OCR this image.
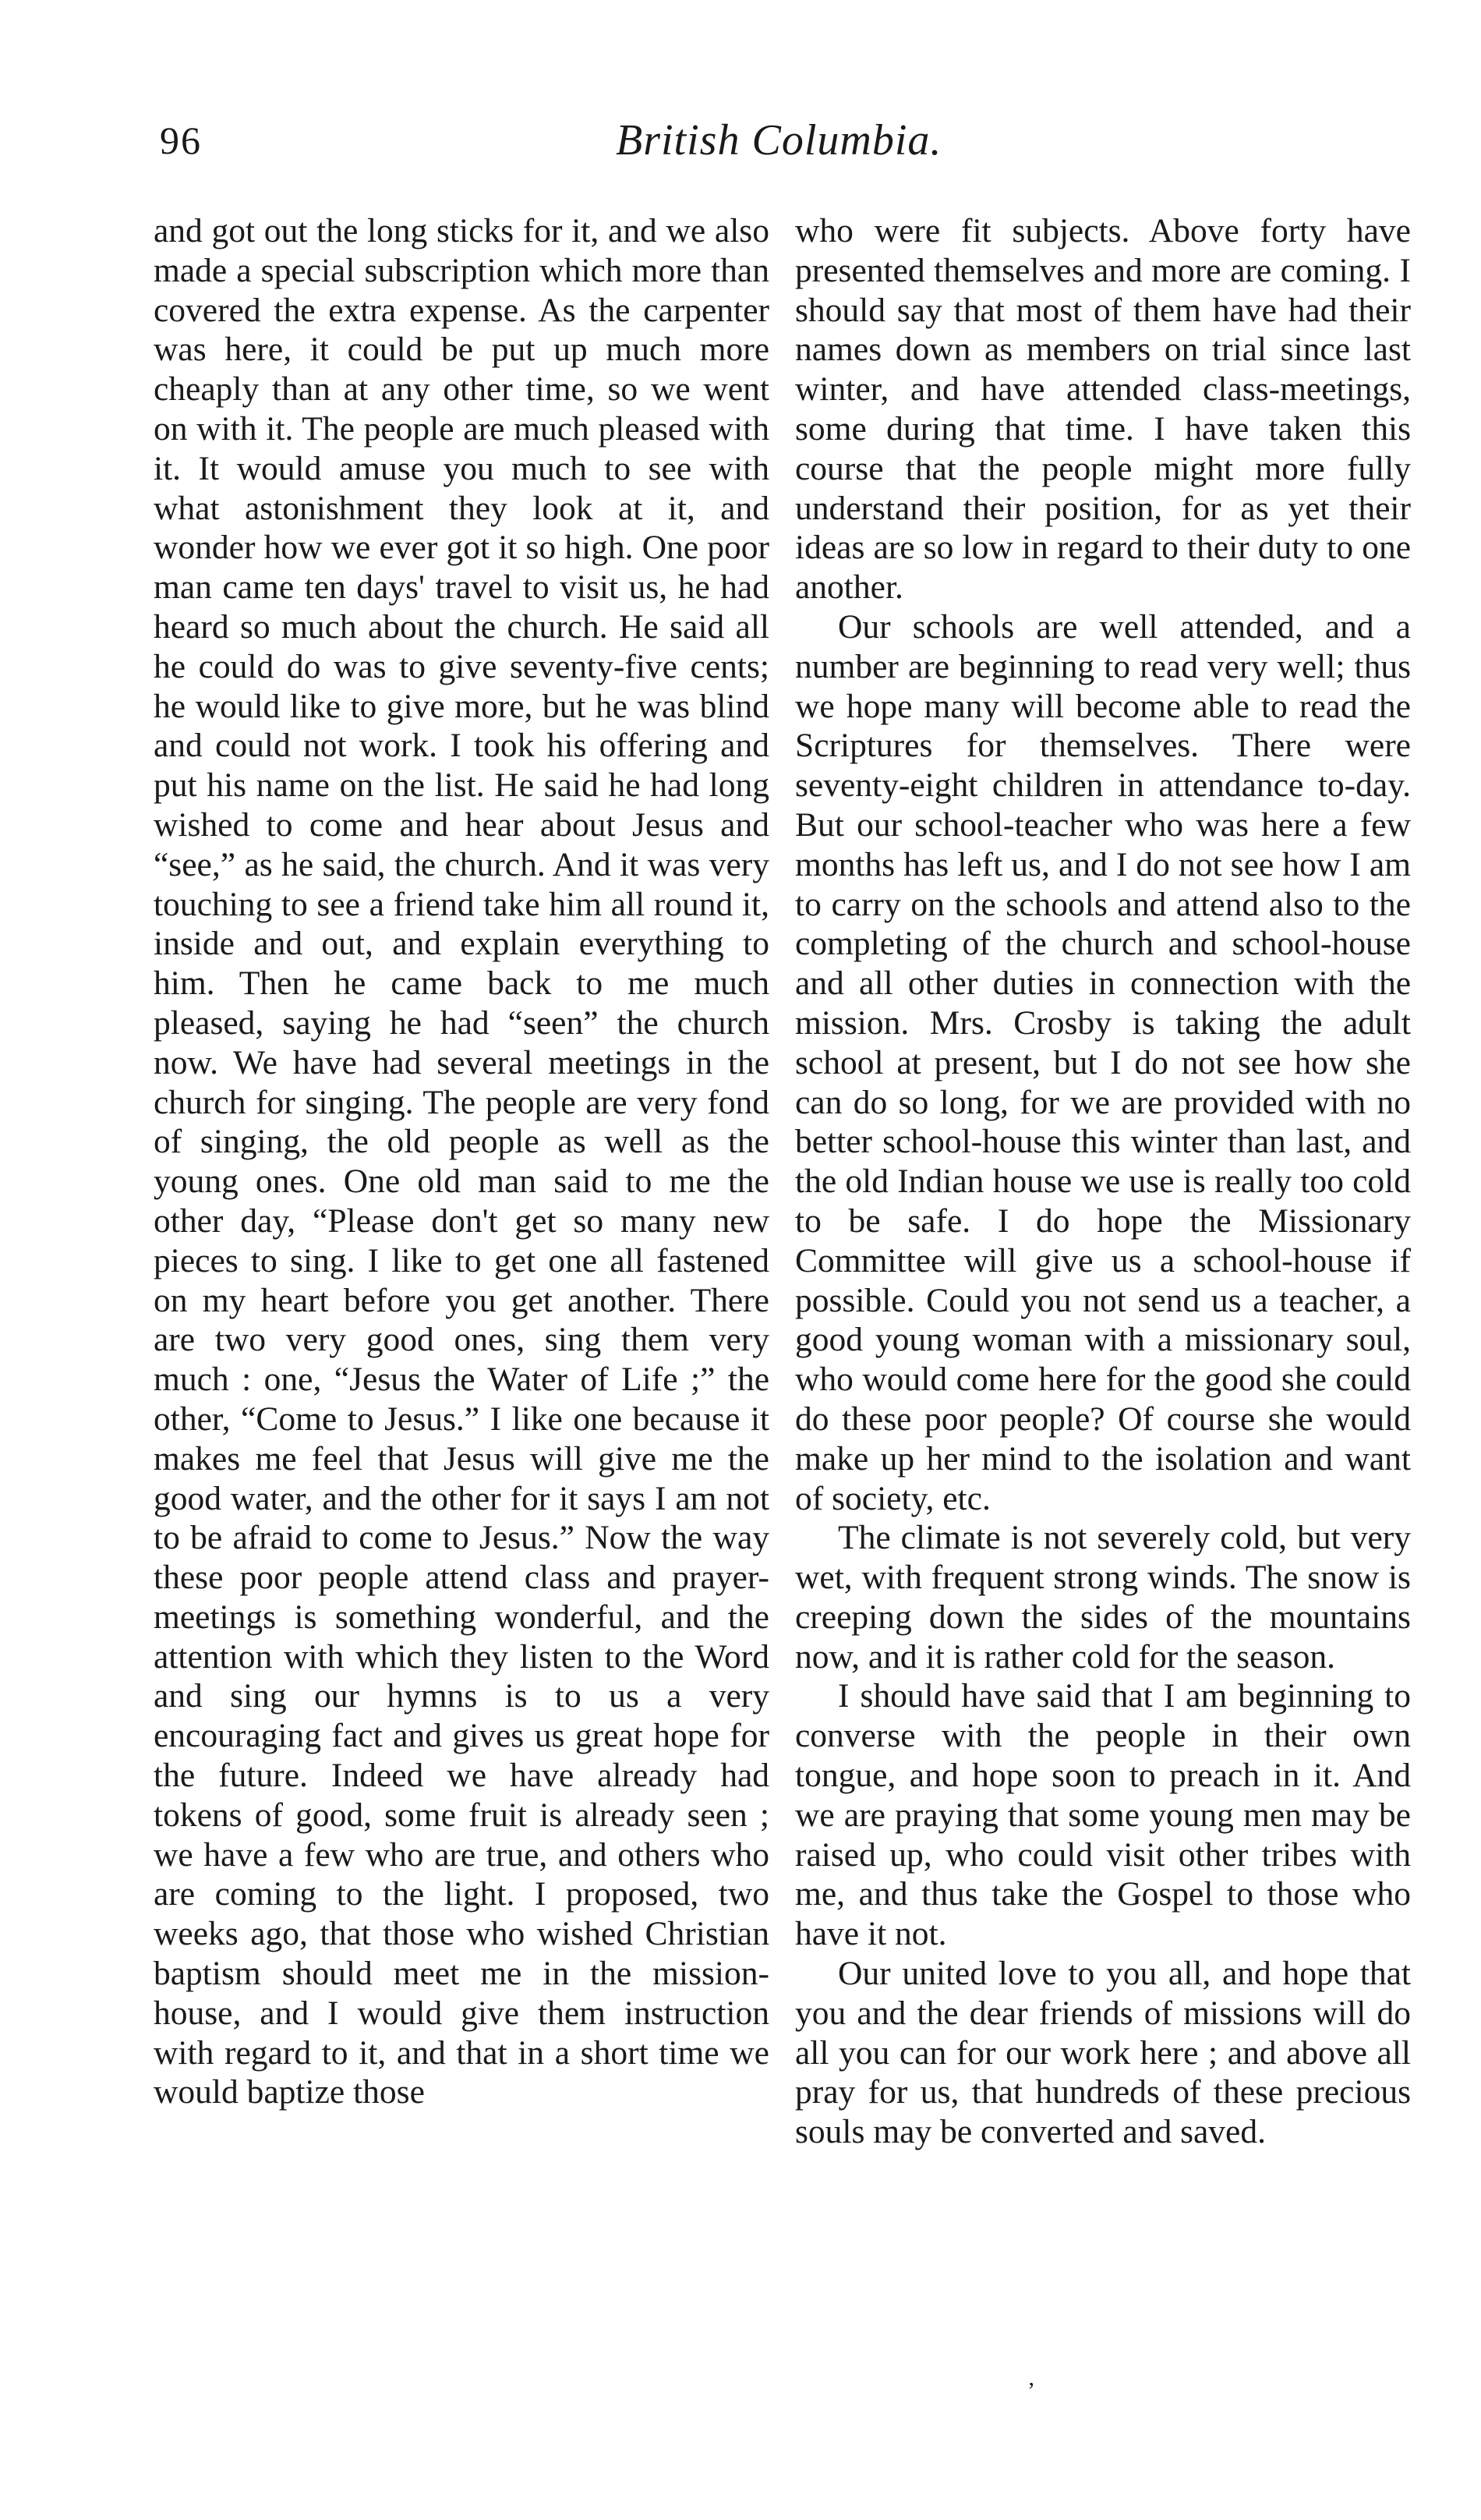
96	British Columbia.

and got out the long sticks for it, and we also made a special subscription which more than covered the extra expense. As the carpenter was here, it could be put up much more cheaply than at any other time, so we went on with it. The people are much pleased with it. It would amuse you much to see with what astonishment they look at it, and wonder how we ever got it so high. One poor man came ten days' travel to visit us, he had heard so much about the church. He said all he could do was to give seventy-five cents; he would like to give more, but he was blind and could not work. I took his offering and put his name on the list. He said he had long wished to come and hear about Jesus and “see,” as he said, the church. And it was very touching to see a friend take him all round it, inside and out, and explain everything to him. Then he came back to me much pleased, saying he had “seen” the church now. We have had several meetings in the church for singing. The people are very fond of singing, the old people as well as the young ones. One old man said to me the other day, “Please don't get so many new pieces to sing. I like to get one all fastened on my heart before you get another. There are two very good ones, sing them very much : one, “Jesus the Water of Life ;” the other, “Come to Jesus.” I like one because it makes me feel that Jesus will give me the good water, and the other for it says I am not to be afraid to come to Jesus.” Now the way these poor people attend class and prayer-meetings is something wonderful, and the attention with which they listen to the Word and sing our hymns is to us a very encouraging fact and gives us great hope for the future. Indeed we have already had tokens of good, some fruit is already seen ; we have a few who are true, and others who are coming to the light. I proposed, two weeks ago, that those who wished Christian baptism should meet me in the mission-house, and I would give them instruction with regard to it, and that in a short time we would baptize those

who were fit subjects. Above forty have presented themselves and more are coming. I should say that most of them have had their names down as members on trial since last winter, and have attended class-meetings, some during that time. I have taken this course that the people might more fully understand their position, for as yet their ideas are so low in regard to their duty to one another.

Our schools are well attended, and a number are beginning to read very well; thus we hope many will become able to read the Scriptures for themselves. There were seventy-eight children in attendance to-day. But our school-teacher who was here a few months has left us, and I do not see how I am to carry on the schools and attend also to the completing of the church and school-house and all other duties in connection with the mission. Mrs. Crosby is taking the adult school at present, but I do not see how she can do so long, for we are provided with no better school-house this winter than last, and the old Indian house we use is really too cold to be safe. I do hope the Missionary Committee will give us a school-house if possible. Could you not send us a teacher, a good young woman with a missionary soul, who would come here for the good she could do these poor people? Of course she would make up her mind to the isolation and want of society, etc.

The climate is not severely cold, but very wet, with frequent strong winds. The snow is creeping down the sides of the mountains now, and it is rather cold for the season.

I should have said that I am beginning to converse with the people in their own tongue, and hope soon to preach in it. And we are praying that some young men may be raised up, who could visit other tribes with me, and thus take the Gospel to those who have it not.

Our united love to you all, and hope that you and the dear friends of missions will do all you can for our work here ; and above all pray for us, that hundreds of these precious souls may be converted and saved.

ʼ
